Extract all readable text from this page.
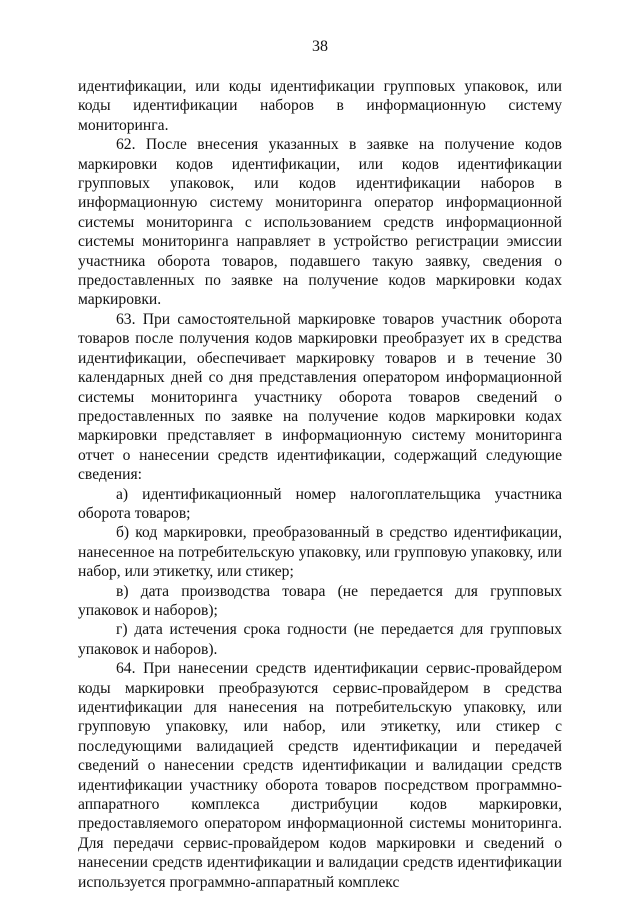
38

идентификации, или коды идентификации групповых упаковок, или коды идентификации наборов в информационную систему мониторинга.

62. После внесения указанных в заявке на получение кодов маркировки кодов идентификации, или кодов идентификации групповых упаковок, или кодов идентификации наборов в информационную систему мониторинга оператор информационной системы мониторинга с использованием средств информационной системы мониторинга направляет в устройство регистрации эмиссии участника оборота товаров, подавшего такую заявку, сведения о предоставленных по заявке на получение кодов маркировки кодах маркировки.

63. При самостоятельной маркировке товаров участник оборота товаров после получения кодов маркировки преобразует их в средства идентификации, обеспечивает маркировку товаров и в течение 30 календарных дней со дня представления оператором информационной системы мониторинга участнику оборота товаров сведений о предоставленных по заявке на получение кодов маркировки кодах маркировки представляет в информационную систему мониторинга отчет о нанесении средств идентификации, содержащий следующие сведения:

а) идентификационный номер налогоплательщика участника оборота товаров;

б) код маркировки, преобразованный в средство идентификации, нанесенное на потребительскую упаковку, или групповую упаковку, или набор, или этикетку, или стикер;

в) дата производства товара (не передается для групповых упаковок и наборов);

г) дата истечения срока годности (не передается для групповых упаковок и наборов).

64. При нанесении средств идентификации сервис-провайдером коды маркировки преобразуются сервис-провайдером в средства идентификации для нанесения на потребительскую упаковку, или групповую упаковку, или набор, или этикетку, или стикер с последующими валидацией средств идентификации и передачей сведений о нанесении средств идентификации и валидации средств идентификации участнику оборота товаров посредством программно-аппаратного комплекса дистрибуции кодов маркировки, предоставляемого оператором информационной системы мониторинга. Для передачи сервис-провайдером кодов маркировки и сведений о нанесении средств идентификации и валидации средств идентификации используется программно-аппаратный комплекс
